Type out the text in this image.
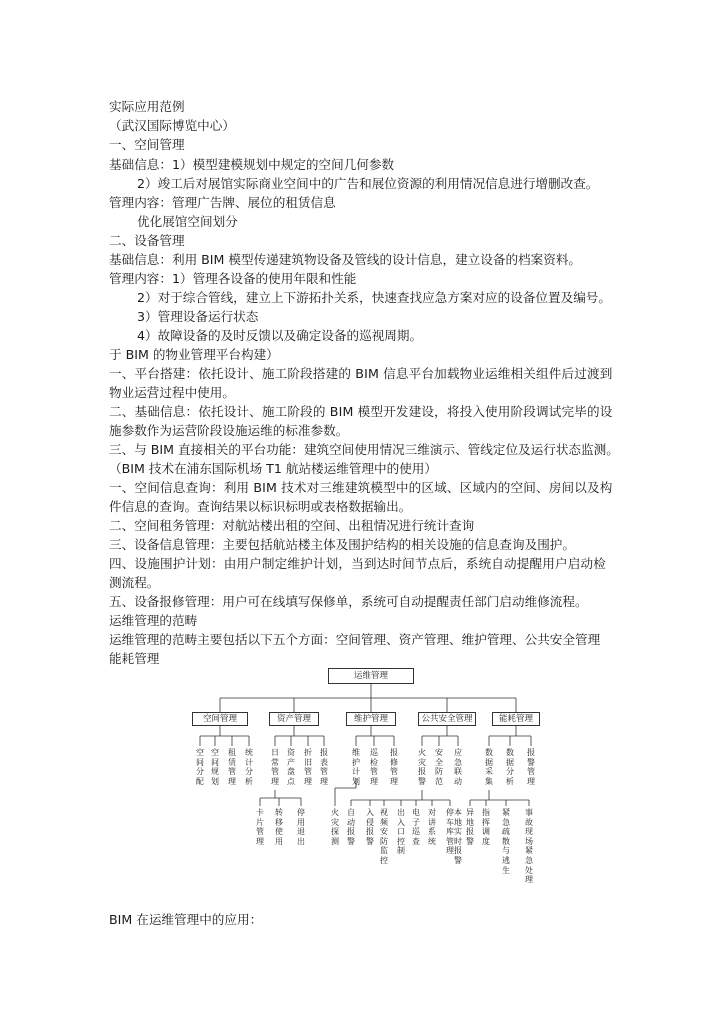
实际应用范例
（武汉国际博览中心）
一、空间管理
基础信息：1）模型建模规划中规定的空间几何参数
2）竣工后对展馆实际商业空间中的广告和展位资源的利用情况信息进行增删改查。
管理内容：管理广告牌、展位的租赁信息
优化展馆空间划分
二、设备管理
基础信息：利用 BIM 模型传递建筑物设备及管线的设计信息，建立设备的档案资料。
管理内容：1）管理各设备的使用年限和性能
2）对于综合管线，建立上下游拓扑关系，快速查找应急方案对应的设备位置及编号。
3）管理设备运行状态
4）故障设备的及时反馈以及确定设备的巡视周期。
于 BIM 的物业管理平台构建）
一、平台搭建：依托设计、施工阶段搭建的 BIM 信息平台加载物业运维相关组件后过渡到
物业运营过程中使用。
二、基础信息：依托设计、施工阶段的 BIM 模型开发建设，将投入使用阶段调试完毕的设
施参数作为运营阶段设施运维的标准参数。
三、与 BIM 直接相关的平台功能：建筑空间使用情况三维演示、管线定位及运行状态监测。
（BIM 技术在浦东国际机场 T1 航站楼运维管理中的使用）
一、空间信息查询：利用 BIM 技术对三维建筑模型中的区域、区域内的空间、房间以及构
件信息的查询。查询结果以标识标明或表格数据输出。
二、空间租务管理：对航站楼出租的空间、出租情况进行统计查询
三、设备信息管理：主要包括航站楼主体及围护结构的相关设施的信息查询及围护。
四、设施围护计划：由用户制定维护计划，当到达时间节点后，系统自动提醒用户启动检
测流程。
五、设备报修管理：用户可在线填写保修单，系统可自动提醒责任部门启动维修流程。
运维管理的范畴
运维管理的范畴主要包括以下五个方面：空间管理、资产管理、维护管理、公共安全管理
能耗管理
运维管理
空间管理	资产管理	维护管理	公共安全管理	能耗管理
空间分配
空间规划
租赁管理
统计分析
日常管理
资产盘点
折旧管理
报表管理
维护计划
巡检管理
报修管理
火灾报警
安全防范
应急联动
数据采集
数据分析
报警管理
卡片管理
转移使用
停用退出
火灾探测
自动报警
入侵报警
视频安防监控
出入口控制
电子巡查
对讲系统
停车库管理
异地报警
指挥调度
紧急疏散与逃生
事故现场紧急处理
本地实时报警
BIM 在运维管理中的应用：
